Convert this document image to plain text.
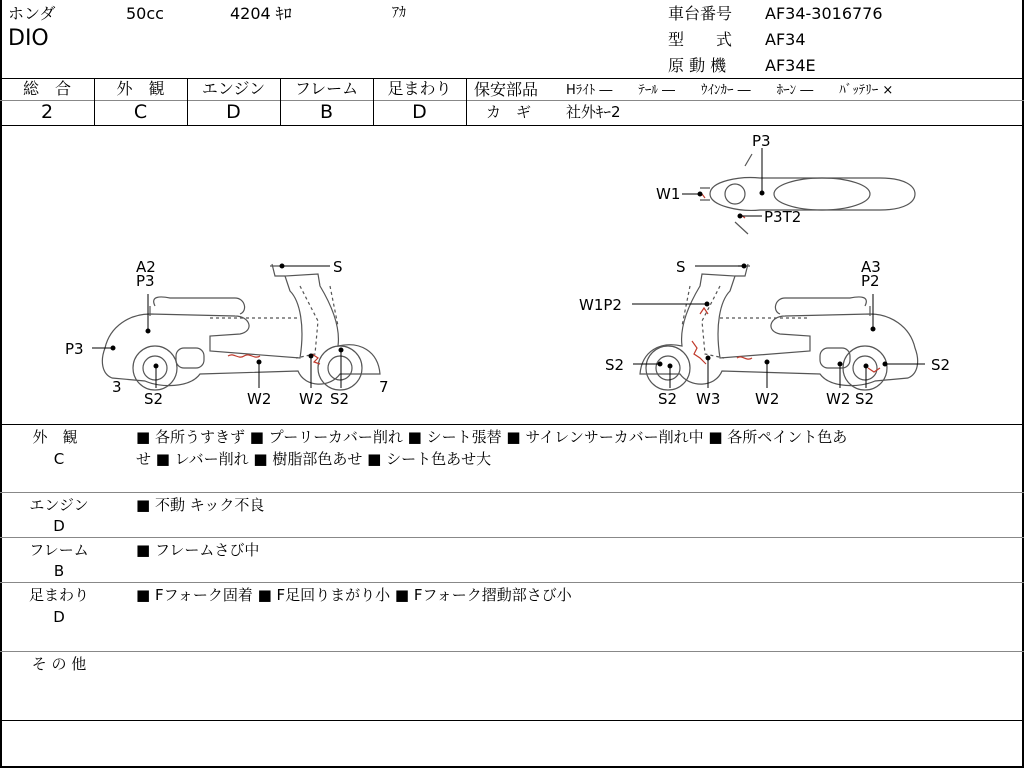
ホンダ	50cc	4204 ｷﾛ	ｱｶ
DIO
車台番号 AF34-3016776
型　　式 AF34
原 動 機 AF34E
総　合
2
外　観
C
エンジン
D
フレーム
B
足まわり
D
保安部品 Hﾗｲﾄ ―　　ﾃｰﾙ ―　　ｳｲﾝｶｰ ―　　ﾎｰﾝ ―　　ﾊﾞｯﾃﾘｰ ×
カ　ギ 社外ｷｰ2
A2
P3
S
P3
3
S2	W2 W2 S2
7
S	A3
P2
W1P2
S2
S2
S2
W3 W2	W2 S2
P3
W1
P3T2
外　観
C
■ 各所うすきず ■ プーリーカバー削れ ■ シート張替 ■ サイレンサーカバー削れ中 ■ 各所ペイント色あ
せ ■ レバー削れ ■ 樹脂部色あせ ■ シート色あせ大
エンジン
D
■ 不動 キック不良
フレーム
B
■ フレームさび中
足まわり
D
■ Fフォーク固着 ■ F足回りまがり小 ■ Fフォーク摺動部さび小
そ の 他
